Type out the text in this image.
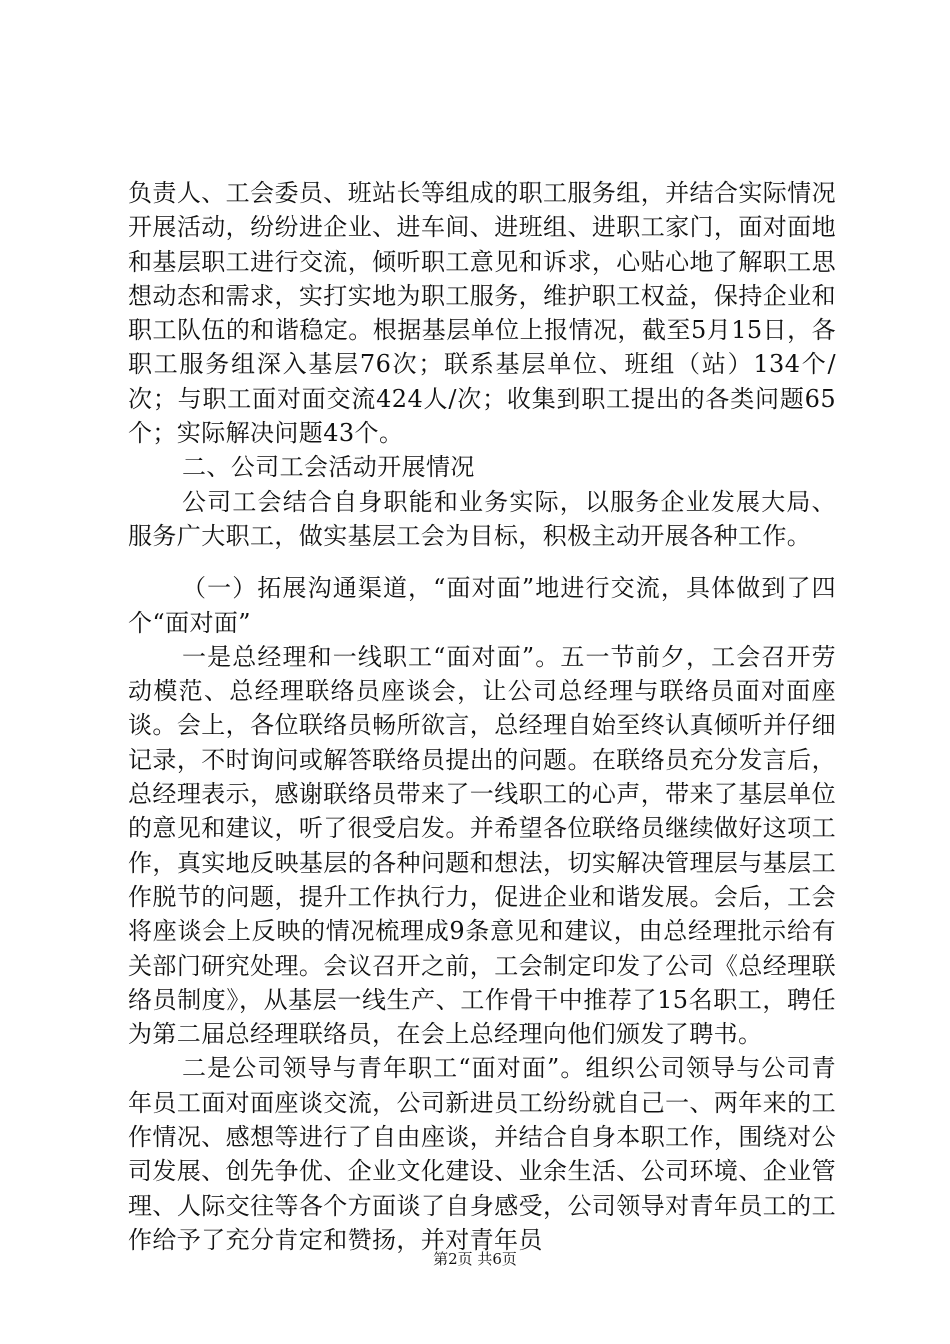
负责人、工会委员、班站长等组成的职工服务组，并结合实际情况开展活动，纷纷进企业、进车间、进班组、进职工家门，面对面地和基层职工进行交流，倾听职工意见和诉求，心贴心地了解职工思想动态和需求，实打实地为职工服务，维护职工权益，保持企业和职工队伍的和谐稳定。根据基层单位上报情况，截至5月15日，各职工服务组深入基层76次；联系基层单位、班组（站）134个/次；与职工面对面交流424人/次；收集到职工提出的各类问题65个；实际解决问题43个。

二、公司工会活动开展情况

公司工会结合自身职能和业务实际，以服务企业发展大局、服务广大职工，做实基层工会为目标，积极主动开展各种工作。

（一）拓展沟通渠道，“面对面”地进行交流，具体做到了四个“面对面”

一是总经理和一线职工“面对面”。五一节前夕，工会召开劳动模范、总经理联络员座谈会，让公司总经理与联络员面对面座谈。会上，各位联络员畅所欲言，总经理自始至终认真倾听并仔细记录，不时询问或解答联络员提出的问题。在联络员充分发言后，总经理表示，感谢联络员带来了一线职工的心声，带来了基层单位的意见和建议，听了很受启发。并希望各位联络员继续做好这项工作，真实地反映基层的各种问题和想法，切实解决管理层与基层工作脱节的问题，提升工作执行力，促进企业和谐发展。会后，工会将座谈会上反映的情况梳理成9条意见和建议，由总经理批示给有关部门研究处理。会议召开之前，工会制定印发了公司《总经理联络员制度》，从基层一线生产、工作骨干中推荐了15名职工，聘任为第二届总经理联络员，在会上总经理向他们颁发了聘书。

二是公司领导与青年职工“面对面”。组织公司领导与公司青年员工面对面座谈交流，公司新进员工纷纷就自己一、两年来的工作情况、感想等进行了自由座谈，并结合自身本职工作，围绕对公司发展、创先争优、企业文化建设、业余生活、公司环境、企业管理、人际交往等各个方面谈了自身感受，公司领导对青年员工的工作给予了充分肯定和赞扬，并对青年员

第2页 共6页
